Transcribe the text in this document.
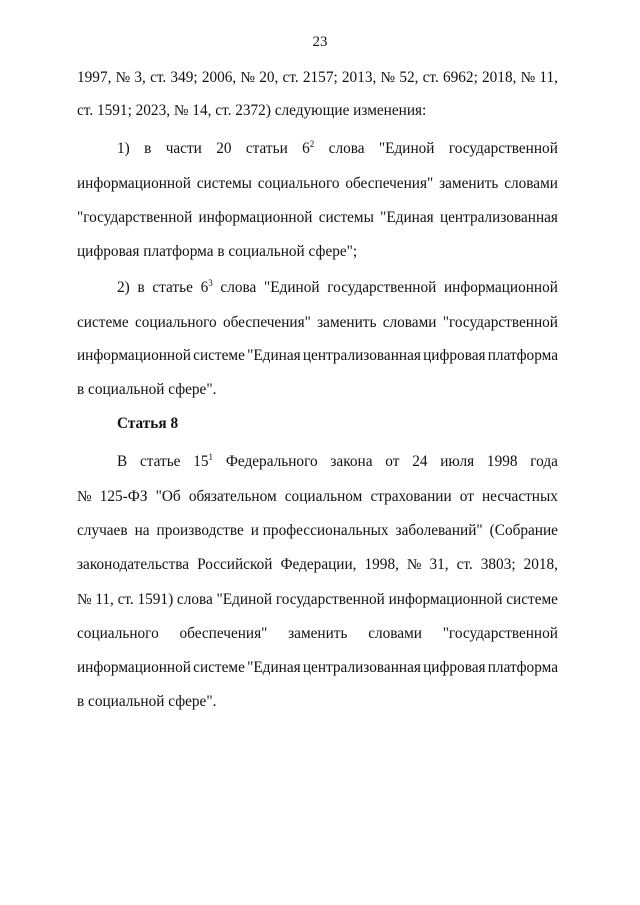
23
1997, № 3, ст. 349; 2006, № 20, ст. 2157; 2013, № 52, ст. 6962; 2018, № 11,
ст. 1591; 2023, № 14, ст. 2372) следующие изменения:
1) в части 20 статьи $6^2$ слова "Единой государственной
информационной системы социального обеспечения" заменить словами
"государственной информационной системы "Единая централизованная
цифровая платформа в социальной сфере";
2) в статье $6^3$ слова "Единой государственной информационной
системе социального обеспечения" заменить словами "государственной
информационной системе "Единая централизованная цифровая платформа
в социальной сфере".
Статья 8
В статье $15^1$ Федерального закона от 24 июля 1998 года
№ 125-ФЗ "Об обязательном социальном страховании от несчастных
случаев на производстве и профессиональных заболеваний" (Собрание
законодательства Российской Федерации, 1998, № 31, ст. 3803; 2018,
№ 11, ст. 1591) слова "Единой государственной информационной системе
социального обеспечения" заменить словами "государственной
информационной системе "Единая централизованная цифровая платформа
в социальной сфере".
